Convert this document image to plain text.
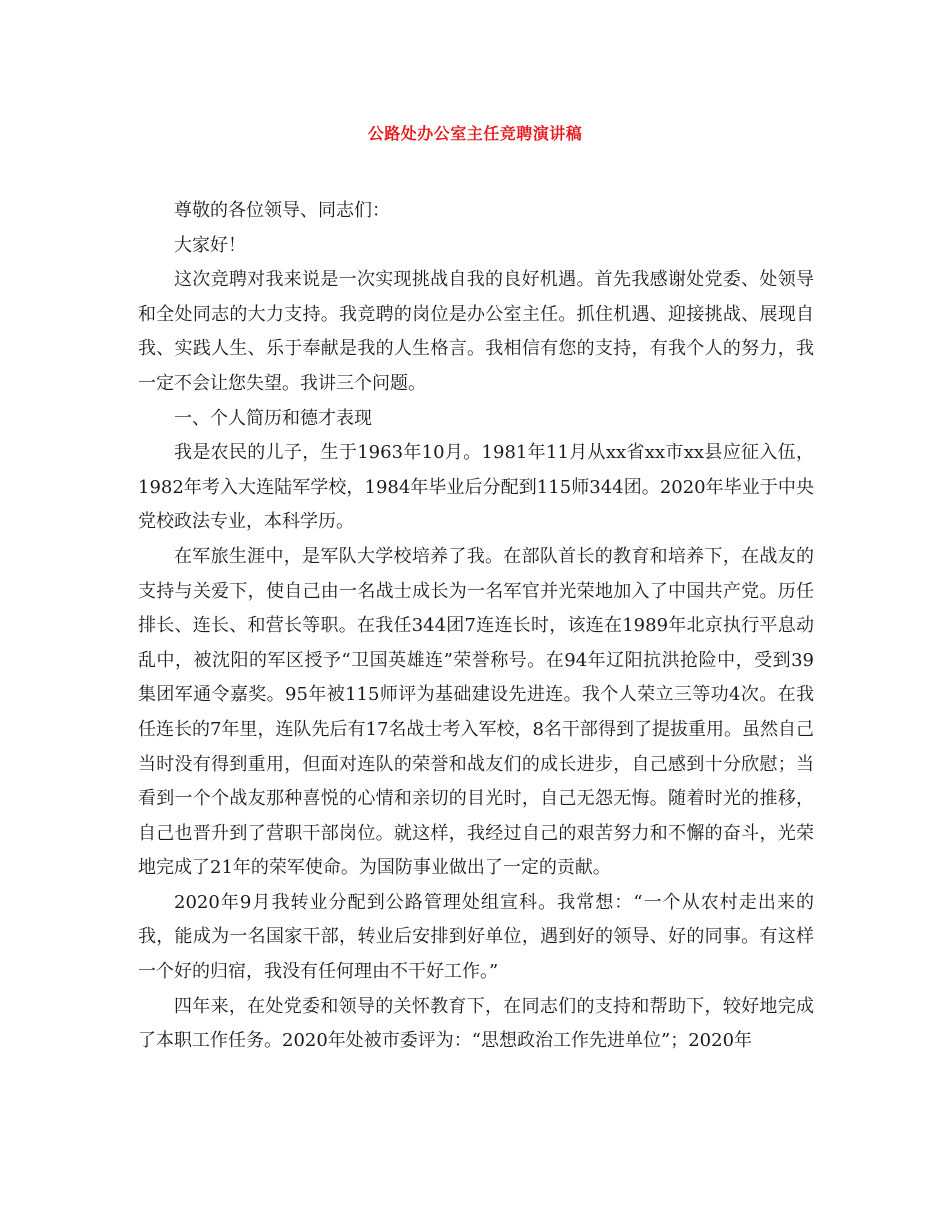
公路处办公室主任竞聘演讲稿

尊敬的各位领导、同志们：

大家好！

这次竞聘对我来说是一次实现挑战自我的良好机遇。首先我感谢处党委、处领导和全处同志的大力支持。我竞聘的岗位是办公室主任。抓住机遇、迎接挑战、展现自我、实践人生、乐于奉献是我的人生格言。我相信有您的支持，有我个人的努力，我一定不会让您失望。我讲三个问题。

一、个人简历和德才表现

我是农民的儿子，生于1963年10月。1981年11月从xx省xx市xx县应征入伍，1982年考入大连陆军学校，1984年毕业后分配到115师344团。2020年毕业于中央党校政法专业，本科学历。

在军旅生涯中，是军队大学校培养了我。在部队首长的教育和培养下，在战友的支持与关爱下，使自己由一名战士成长为一名军官并光荣地加入了中国共产党。历任排长、连长、和营长等职。在我任344团7连连长时，该连在1989年北京执行平息动乱中，被沈阳的军区授予“卫国英雄连”荣誉称号。在94年辽阳抗洪抢险中，受到39集团军通令嘉奖。95年被115师评为基础建设先进连。我个人荣立三等功4次。在我任连长的7年里，连队先后有17名战士考入军校，8名干部得到了提拔重用。虽然自己当时没有得到重用，但面对连队的荣誉和战友们的成长进步，自己感到十分欣慰；当看到一个个战友那种喜悦的心情和亲切的目光时，自己无怨无悔。随着时光的推移，自己也晋升到了营职干部岗位。就这样，我经过自己的艰苦努力和不懈的奋斗，光荣地完成了21年的荣军使命。为国防事业做出了一定的贡献。

2020年9月我转业分配到公路管理处组宣科。我常想：“一个从农村走出来的我，能成为一名国家干部，转业后安排到好单位，遇到好的领导、好的同事。有这样一个好的归宿，我没有任何理由不干好工作。”

四年来，在处党委和领导的关怀教育下，在同志们的支持和帮助下，较好地完成了本职工作任务。2020年处被市委评为：“思想政治工作先进单位”；2020年
